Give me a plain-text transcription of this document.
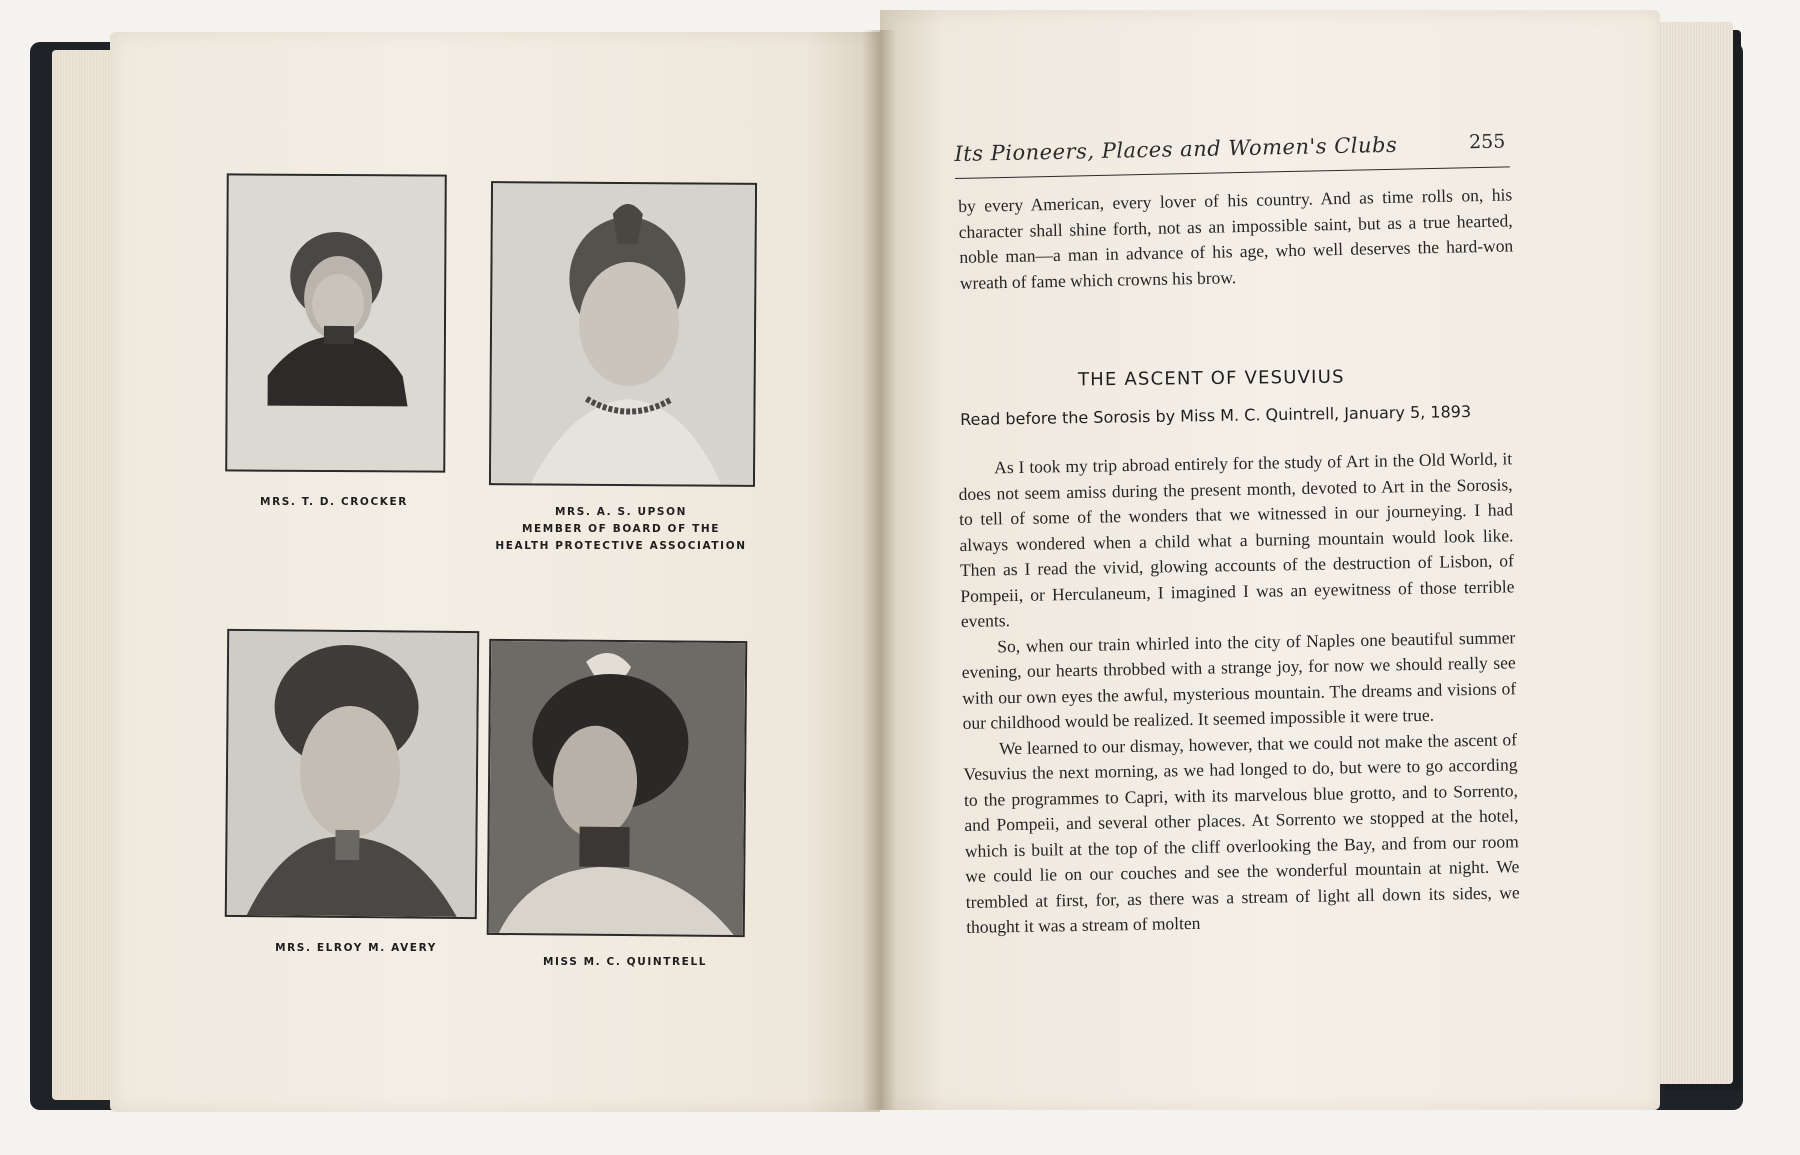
MRS. T. D. CROCKER
MRS. A. S. UPSON
MEMBER OF BOARD OF THE
HEALTH PROTECTIVE ASSOCIATION
MRS. ELROY M. AVERY
MISS M. C. QUINTRELL

Its Pioneers, Places and Women's Clubs	255

by every American, every lover of his country. And as time rolls on, his character shall shine forth, not as an impossible saint, but as a true hearted, noble man—a man in advance of his age, who well deserves the hard-won wreath of fame which crowns his brow.

THE ASCENT OF VESUVIUS

Read before the Sorosis by Miss M. C. Quintrell, January 5, 1893

As I took my trip abroad entirely for the study of Art in the Old World, it does not seem amiss during the present month, devoted to Art in the Sorosis, to tell of some of the wonders that we witnessed in our journeying. I had always wondered when a child what a burning mountain would look like. Then as I read the vivid, glowing accounts of the destruction of Lisbon, of Pompeii, or Herculaneum, I imagined I was an eyewitness of those terrible events.

So, when our train whirled into the city of Naples one beautiful summer evening, our hearts throbbed with a strange joy, for now we should really see with our own eyes the awful, mysterious mountain. The dreams and visions of our childhood would be realized. It seemed impossible it were true.

We learned to our dismay, however, that we could not make the ascent of Vesuvius the next morning, as we had longed to do, but were to go according to the programmes to Capri, with its marvelous blue grotto, and to Sorrento, and Pompeii, and several other places. At Sorrento we stopped at the hotel, which is built at the top of the cliff overlooking the Bay, and from our room we could lie on our couches and see the wonderful mountain at night. We trembled at first, for, as there was a stream of light all down its sides, we thought it was a stream of molten
